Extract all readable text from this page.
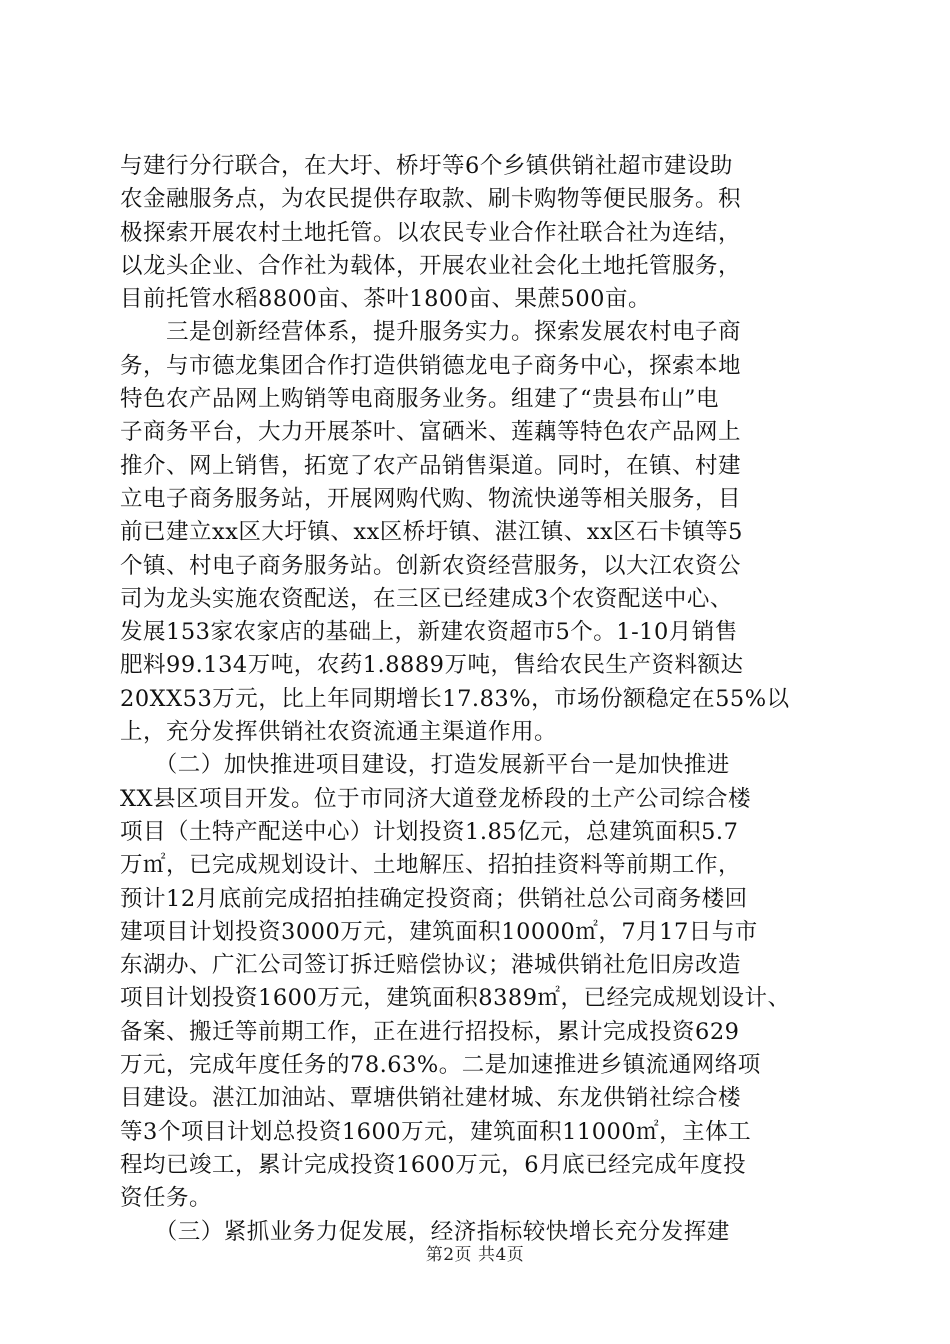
与建行分行联合，在大圩、桥圩等6个乡镇供销社超市建设助
农金融服务点，为农民提供存取款、刷卡购物等便民服务。积
极探索开展农村土地托管。以农民专业合作社联合社为连结，
以龙头企业、合作社为载体，开展农业社会化土地托管服务，
目前托管水稻8800亩、茶叶1800亩、果蔗500亩。
　　三是创新经营体系，提升服务实力。探索发展农村电子商
务，与市德龙集团合作打造供销德龙电子商务中心，探索本地
特色农产品网上购销等电商服务业务。组建了“贵县布山”电
子商务平台，大力开展茶叶、富硒米、莲藕等特色农产品网上
推介、网上销售，拓宽了农产品销售渠道。同时，在镇、村建
立电子商务服务站，开展网购代购、物流快递等相关服务，目
前已建立xx区大圩镇、xx区桥圩镇、湛江镇、xx区石卡镇等5
个镇、村电子商务服务站。创新农资经营服务，以大江农资公
司为龙头实施农资配送，在三区已经建成3个农资配送中心、
发展153家农家店的基础上，新建农资超市5个。1-10月销售
肥料99.134万吨，农药1.8889万吨，售给农民生产资料额达
20XX53万元，比上年同期增长17.83%，市场份额稳定在55%以
上，充分发挥供销社农资流通主渠道作用。
　　（二）加快推进项目建设，打造发展新平台一是加快推进
XX县区项目开发。位于市同济大道登龙桥段的土产公司综合楼
项目（土特产配送中心）计划投资1.85亿元，总建筑面积5.7
万㎡，已完成规划设计、土地解压、招拍挂资料等前期工作，
预计12月底前完成招拍挂确定投资商；供销社总公司商务楼回
建项目计划投资3000万元，建筑面积10000㎡，7月17日与市
东湖办、广汇公司签订拆迁赔偿协议；港城供销社危旧房改造
项目计划投资1600万元，建筑面积8389㎡，已经完成规划设计、
备案、搬迁等前期工作，正在进行招投标，累计完成投资629
万元，完成年度任务的78.63%。二是加速推进乡镇流通网络项
目建设。湛江加油站、覃塘供销社建材城、东龙供销社综合楼
等3个项目计划总投资1600万元，建筑面积11000㎡，主体工
程均已竣工，累计完成投资1600万元，6月底已经完成年度投
资任务。
　　（三）紧抓业务力促发展，经济指标较快增长充分发挥建
第2页 共4页
